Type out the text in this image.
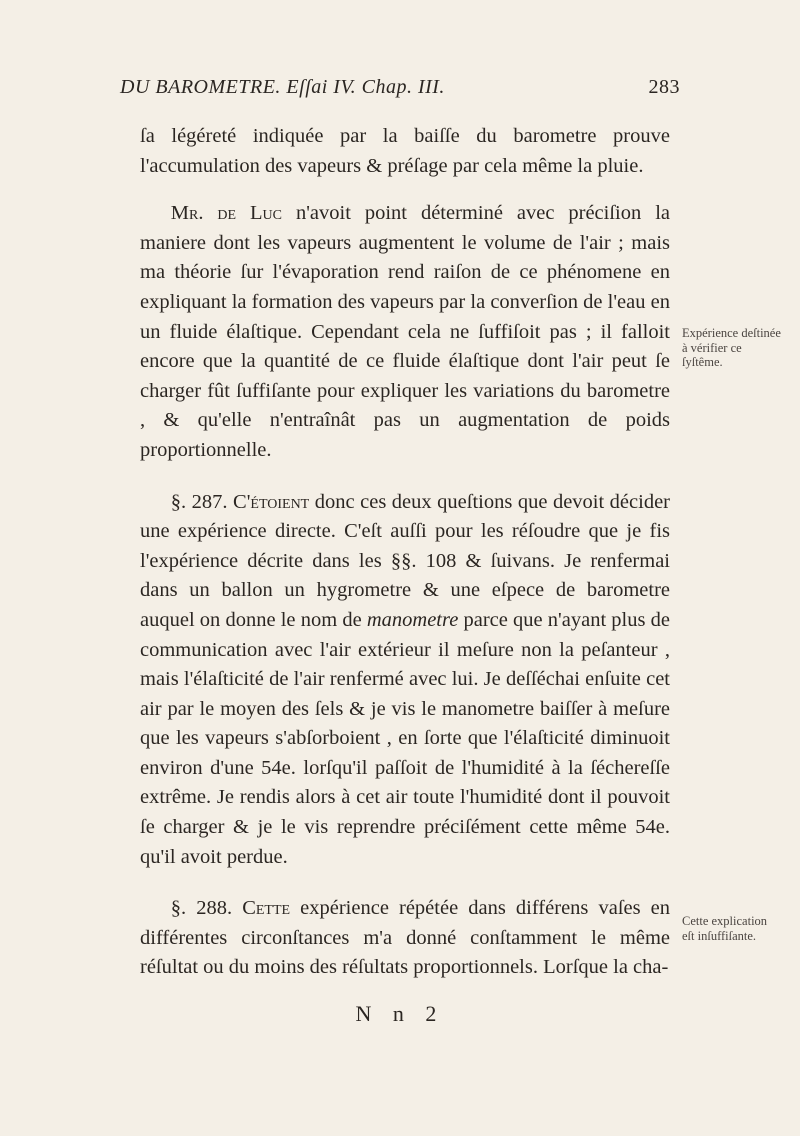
DU BAROMETRE. Eſſai IV. Chap. III.	283

ſa légéreté indiquée par la baiſſe du barometre prouve l'accumulation des vapeurs & préſage par cela même la pluie.

Mr. de Luc n'avoit point déterminé avec préciſion la maniere dont les vapeurs augmentent le volume de l'air ; mais ma théorie ſur l'évaporation rend raiſon de ce phénomene en expliquant la formation des vapeurs par la converſion de l'eau en un fluide élaſtique. Cependant cela ne ſuffiſoit pas ; il falloit encore que la quantité de ce fluide élaſtique dont l'air peut ſe charger fût ſuffiſante pour expliquer les variations du barometre , & qu'elle n'entraînât pas un augmentation de poids proportionnelle.

§. 287. C'étoient donc ces deux queſtions que devoit décider une expérience directe. C'eſt auſſi pour les réſoudre que je fis l'expérience décrite dans les §§. 108 & ſuivans. Je renfermai dans un ballon un hygrometre & une eſpece de barometre auquel on donne le nom de manometre parce que n'ayant plus de communication avec l'air extérieur il meſure non la peſanteur , mais l'élaſticité de l'air renfermé avec lui. Je deſſéchai enſuite cet air par le moyen des ſels & je vis le manometre baiſſer à meſure que les vapeurs s'abſorboient , en ſorte que l'élaſticité diminuoit environ d'une 54e. lorſqu'il paſſoit de l'humidité à la ſéchereſſe extrême. Je rendis alors à cet air toute l'humidité dont il pouvoit ſe charger & je le vis reprendre préciſément cette même 54e. qu'il avoit perdue.

§. 288. Cette expérience répétée dans différens vaſes en différentes circonſtances m'a donné conſtamment le même réſultat ou du moins des réſultats proportionnels. Lorſque la cha-

Expérience deſtinée à vérifier ce ſyſtême.
Cette explication eſt inſuffiſante.
N n 2
